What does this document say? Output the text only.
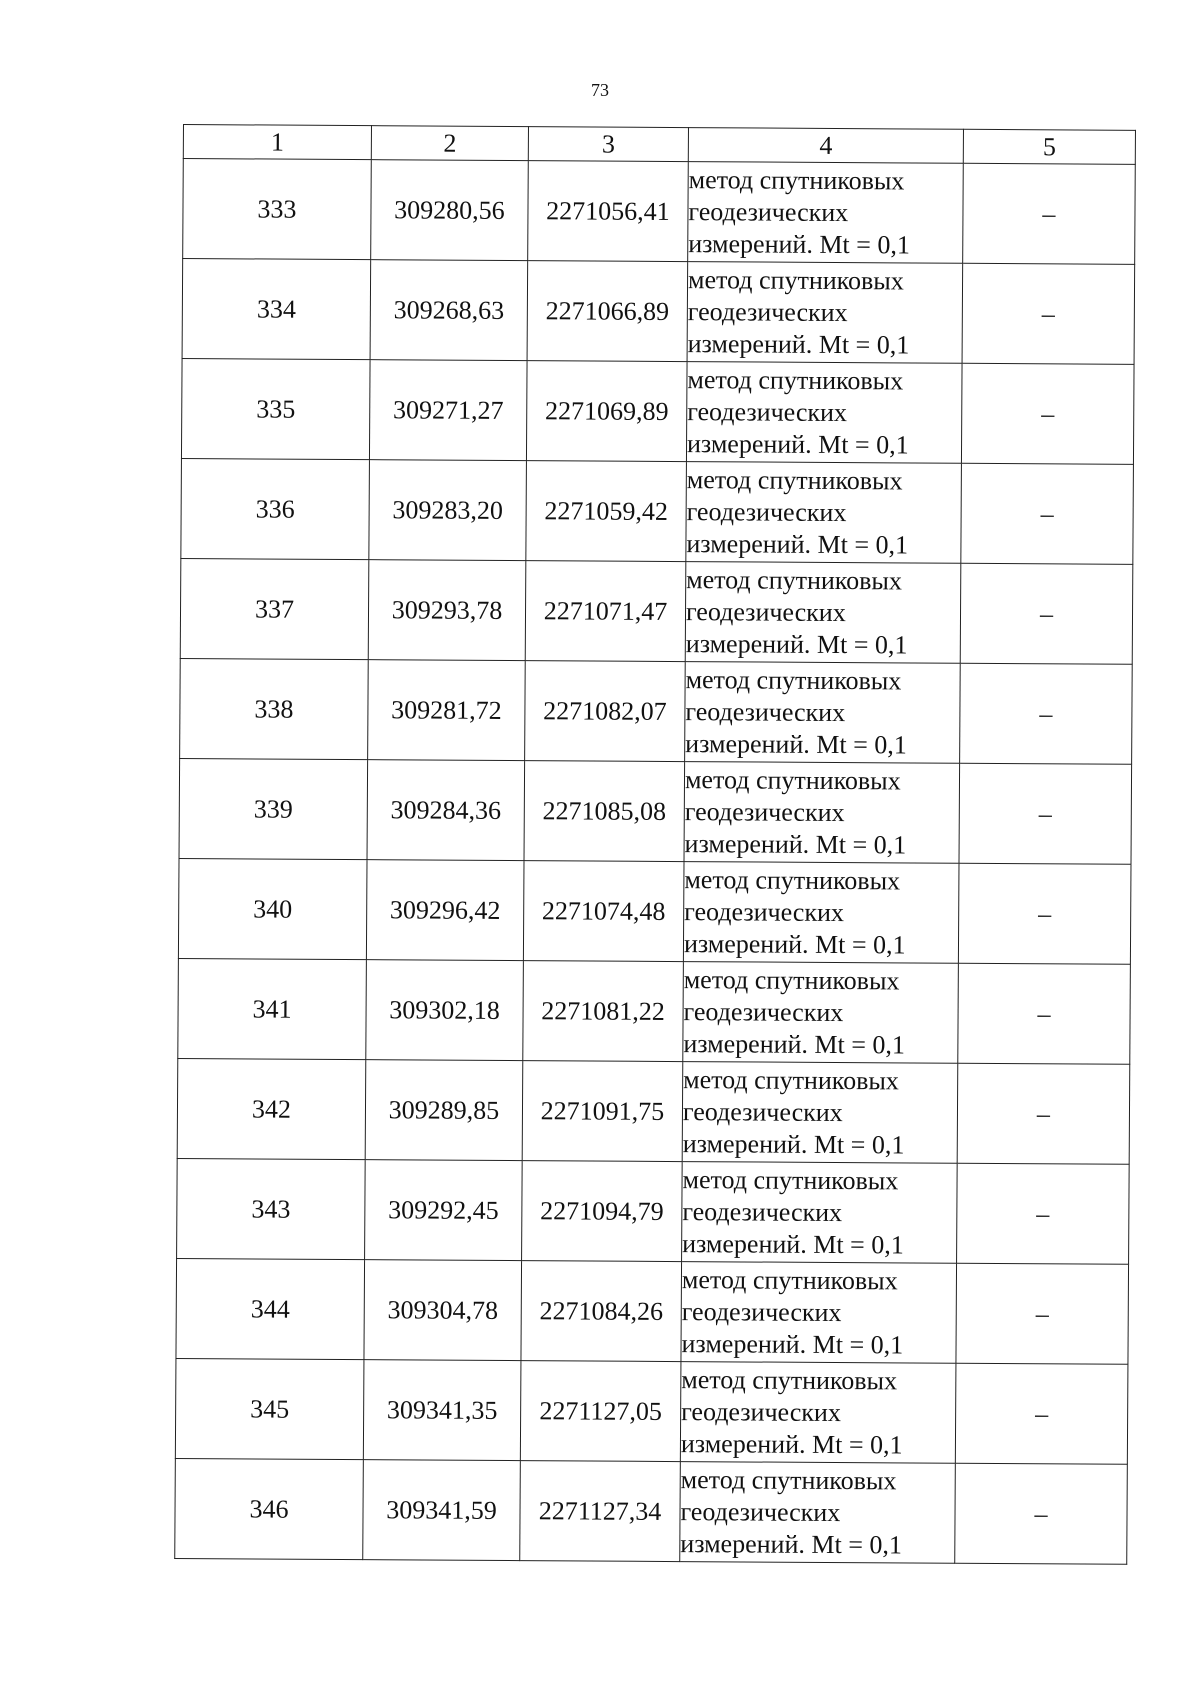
73
1	2	3	4	5
333	309280,56	2271056,41	метод спутниковых
геодезических
измерений. Mt = 0,1	–
334	309268,63	2271066,89	метод спутниковых
геодезических
измерений. Mt = 0,1	–
335	309271,27	2271069,89	метод спутниковых
геодезических
измерений. Mt = 0,1	–
336	309283,20	2271059,42	метод спутниковых
геодезических
измерений. Mt = 0,1	–
337	309293,78	2271071,47	метод спутниковых
геодезических
измерений. Mt = 0,1	–
338	309281,72	2271082,07	метод спутниковых
геодезических
измерений. Mt = 0,1	–
339	309284,36	2271085,08	метод спутниковых
геодезических
измерений. Mt = 0,1	–
340	309296,42	2271074,48	метод спутниковых
геодезических
измерений. Mt = 0,1	–
341	309302,18	2271081,22	метод спутниковых
геодезических
измерений. Mt = 0,1	–
342	309289,85	2271091,75	метод спутниковых
геодезических
измерений. Mt = 0,1	–
343	309292,45	2271094,79	метод спутниковых
геодезических
измерений. Mt = 0,1	–
344	309304,78	2271084,26	метод спутниковых
геодезических
измерений. Mt = 0,1	–
345	309341,35	2271127,05	метод спутниковых
геодезических
измерений. Mt = 0,1	–
346	309341,59	2271127,34	метод спутниковых
геодезических
измерений. Mt = 0,1	–
